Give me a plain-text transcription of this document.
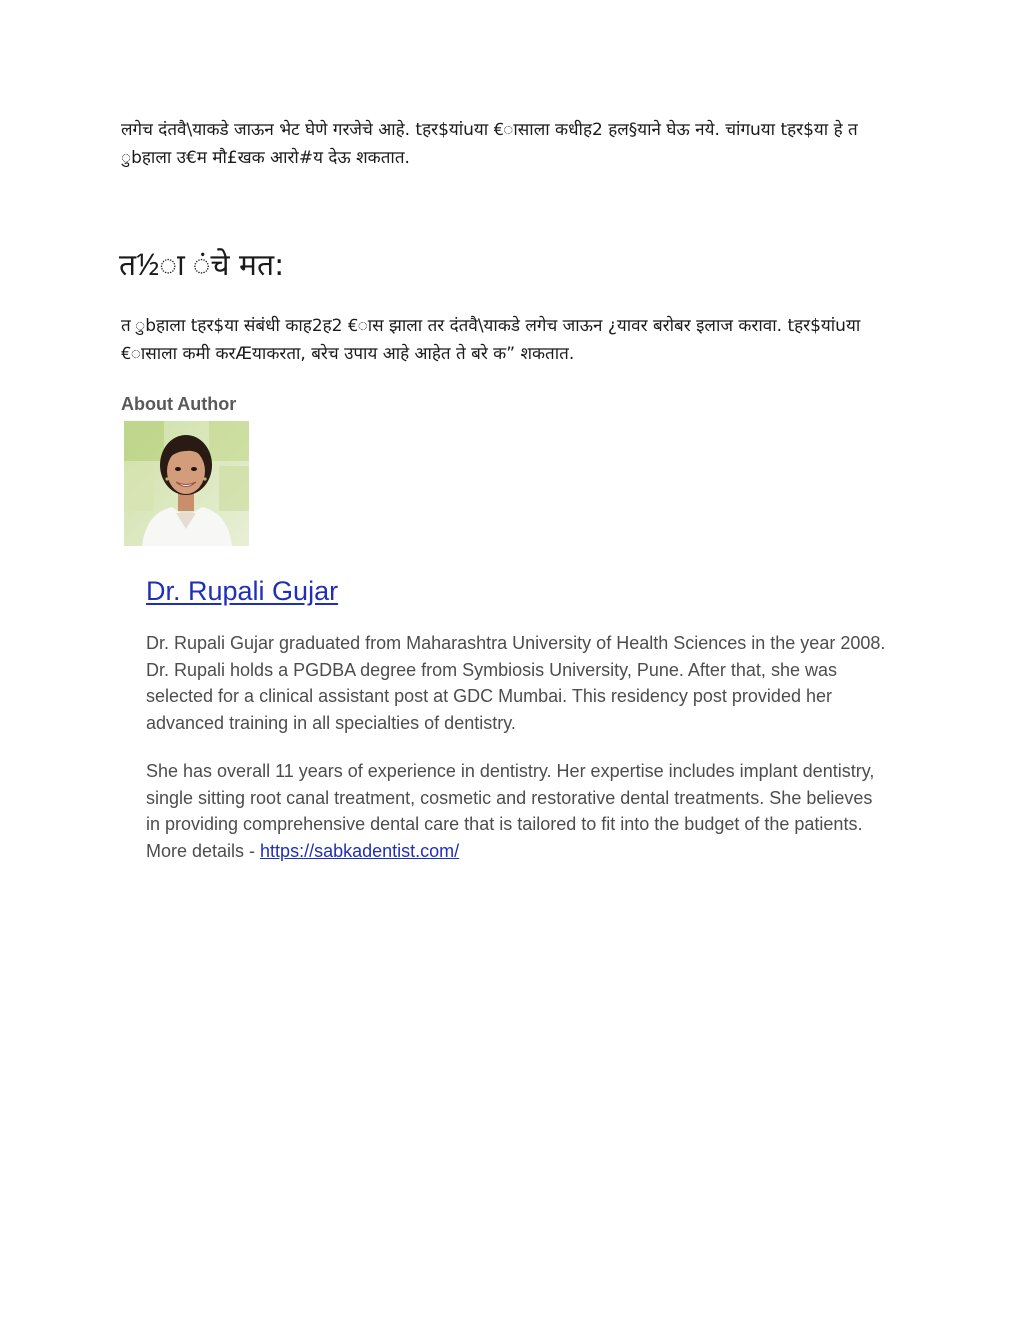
लगेच दंतवै\याकडे जाऊन भेट घेणे गरजेचे आहे. tहर$यांuया €ासाला कधीह2 हल§याने घेऊ नये. चांगuया tहर$या हे त ुbहाला उ€म मौ£खक आरो#य देऊ शकतात.

त½ा ंचे मत:

त ुbहाला tहर$या संबंधी काह2ह2 €ास झाला तर दंतवै\याकडे लगेच जाऊन ¿यावर बरोबर इलाज करावा. tहर$यांuया €ासाला कमी करÆयाकरता, बरेच उपाय आहे आहेत ते बरे क” शकतात.

About Author

Dr. Rupali Gujar

Dr. Rupali Gujar graduated from Maharashtra University of Health Sciences in the year 2008. Dr. Rupali holds a PGDBA degree from Symbiosis University, Pune. After that, she was selected for a clinical assistant post at GDC Mumbai. This residency post provided her advanced training in all specialties of dentistry.

She has overall 11 years of experience in dentistry. Her expertise includes implant dentistry, single sitting root canal treatment, cosmetic and restorative dental treatments. She believes in providing comprehensive dental care that is tailored to fit into the budget of the patients. More details - https://sabkadentist.com/
